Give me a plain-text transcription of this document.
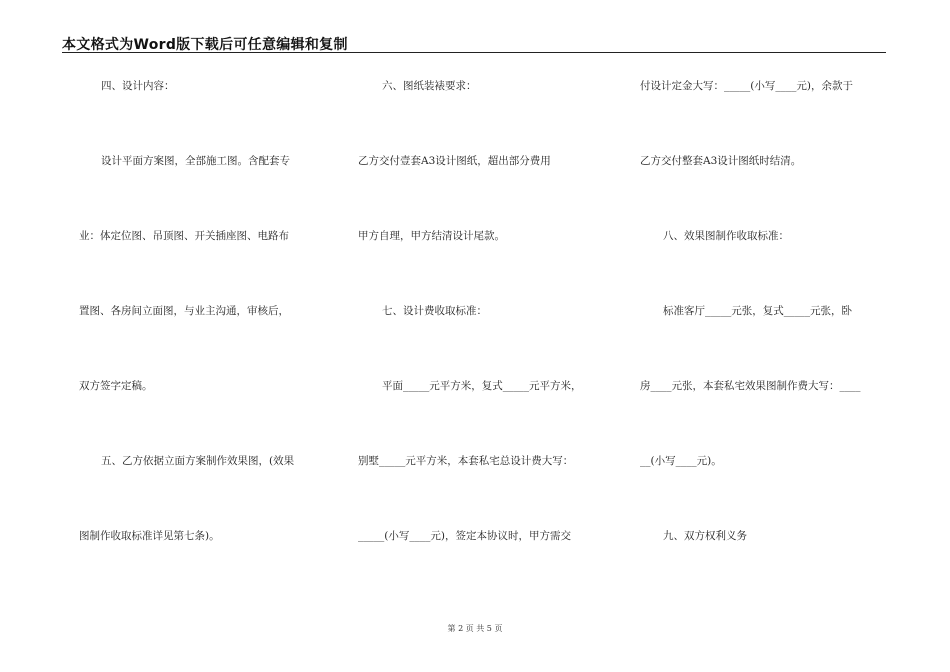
本文格式为Word版下载后可任意编辑和复制
四、设计内容：
设计平面方案图，全部施工图。含配套专
业：体定位图、吊顶图、开关插座图、电路布
置图、各房间立面图，与业主沟通，审核后，
双方签字定稿。
五、乙方依据立面方案制作效果图，(效果
图制作收取标准详见第七条)。
六、图纸装裱要求：
乙方交付壹套A3设计图纸，超出部分费用
甲方自理，甲方结清设计尾款。
七、设计费收取标准：
平面_____元平方米，复式_____元平方米，
别墅_____元平方米，本套私宅总设计费大写：
_____(小写____元)，签定本协议时，甲方需交
付设计定金大写：_____(小写____元)，余款于
乙方交付整套A3设计图纸时结清。
八、效果图制作收取标准：
标准客厅_____元张，复式_____元张，卧
房____元张，本套私宅效果图制作费大写：____
__(小写____元)。
九、双方权利义务
第 2 页 共 5 页
